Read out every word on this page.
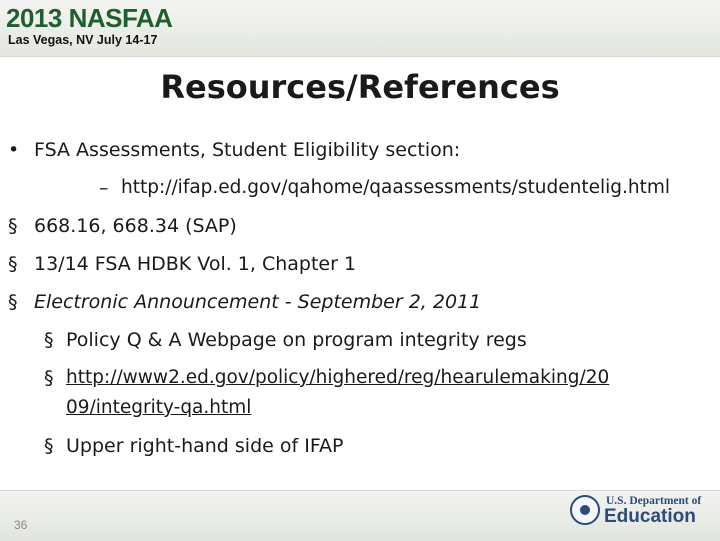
2013 NASFAA
Las Vegas, NV July 14-17
Resources/References
• FSA Assessments, Student Eligibility section:
– http://ifap.ed.gov/qahome/qaassessments/studentelig.html
§ 668.16, 668.34 (SAP)
§ 13/14 FSA HDBK Vol. 1, Chapter 1
§ Electronic Announcement - September 2, 2011
§ Policy Q & A Webpage on program integrity regs
§ http://www2.ed.gov/policy/highered/reg/hearulemaking/20
09/integrity-qa.html
§ Upper right-hand side of IFAP
36
U.S. Department of
Education
